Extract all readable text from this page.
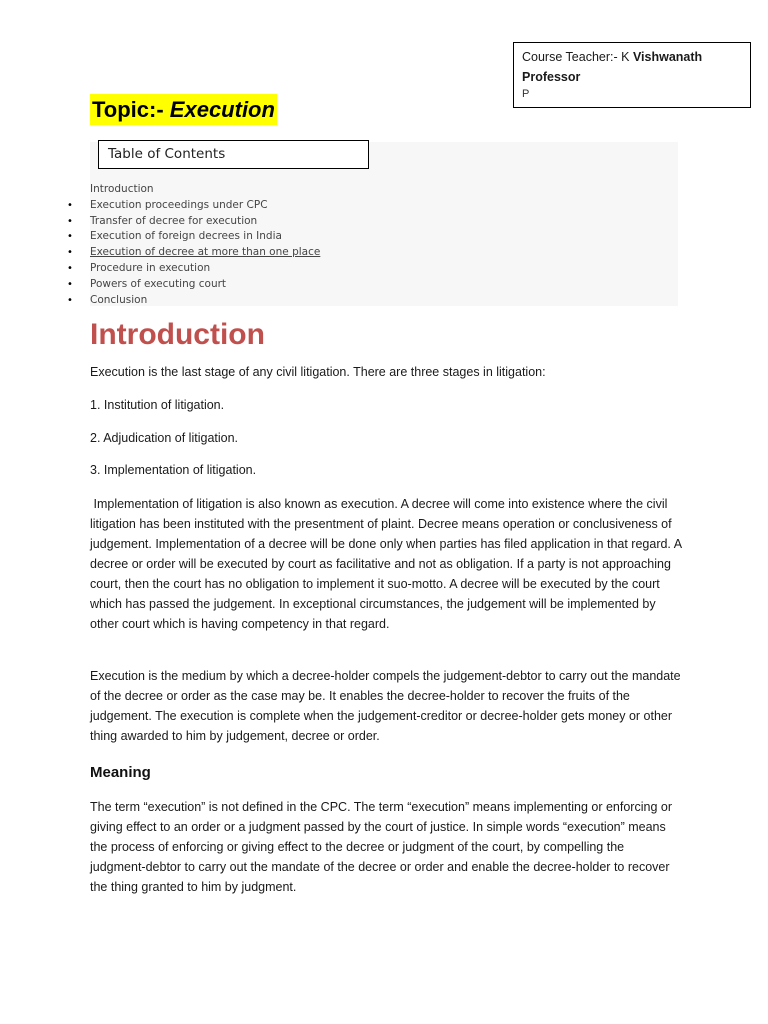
Course Teacher:- K Vishwanath
Professor
P
Topic:- Execution
Table of Contents
Introduction
• Execution proceedings under CPC
• Transfer of decree for execution
• Execution of foreign decrees in India
• Execution of decree at more than one place
• Procedure in execution
• Powers of executing court
• Conclusion
Introduction

Execution is the last stage of any civil litigation. There are three stages in litigation:

1. Institution of litigation.

2. Adjudication of litigation.

3. Implementation of litigation.

Implementation of litigation is also known as execution. A decree will come into existence where the civil litigation has been instituted with the presentment of plaint. Decree means operation or conclusiveness of judgement. Implementation of a decree will be done only when parties has filed application in that regard. A decree or order will be executed by court as facilitative and not as obligation. If a party is not approaching court, then the court has no obligation to implement it suo-motto. A decree will be executed by the court which has passed the judgement. In exceptional circumstances, the judgement will be implemented by other court which is having competency in that regard.

Execution is the medium by which a decree-holder compels the judgement-debtor to carry out the mandate of the decree or order as the case may be. It enables the decree-holder to recover the fruits of the judgement. The execution is complete when the judgement-creditor or decree-holder gets money or other thing awarded to him by judgement, decree or order.

Meaning

The term “execution” is not defined in the CPC. The term “execution” means implementing or enforcing or giving effect to an order or a judgment passed by the court of justice. In simple words “execution” means the process of enforcing or giving effect to the decree or judgment of the court, by compelling the judgment-debtor to carry out the mandate of the decree or order and enable the decree-holder to recover the thing granted to him by judgment.
